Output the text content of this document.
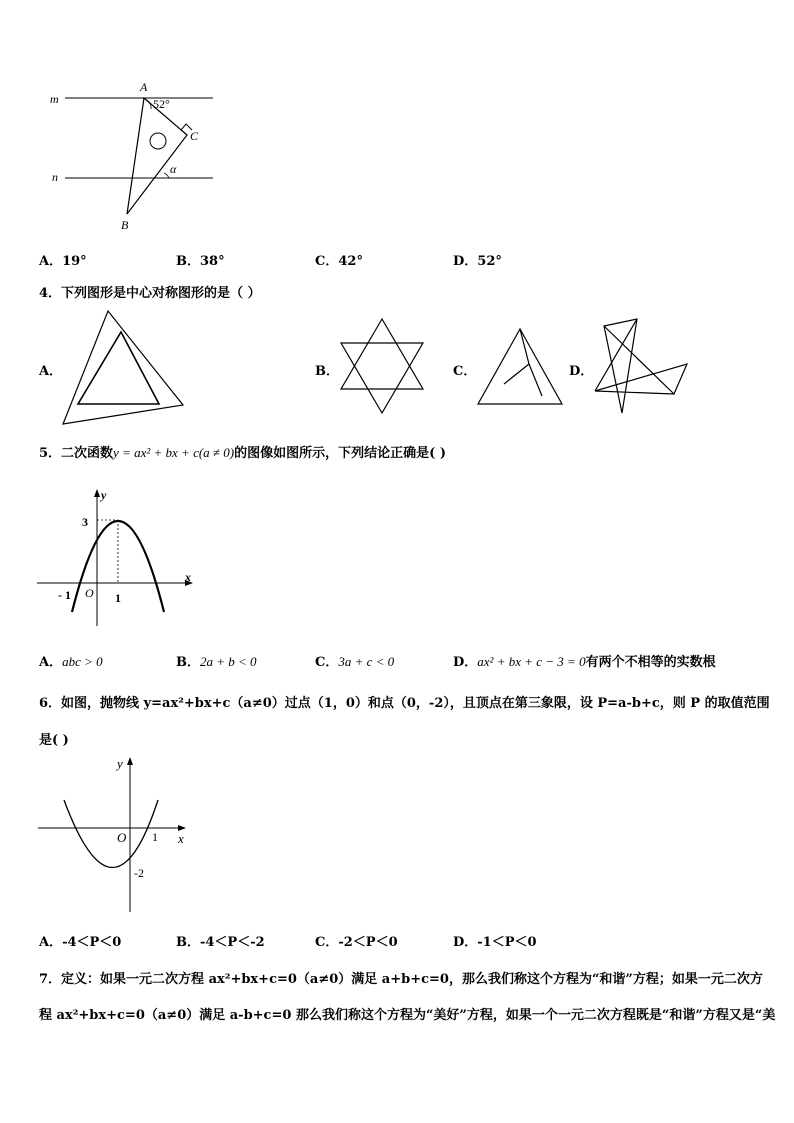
m
n
A
52°
C
α
B
A．19°	B．38°	C．42°	D．52°
4．下列图形是中心对称图形的是（ ）
A．	B．	C．	D．
5．二次函数y = ax² + bx + c(a ≠ 0)的图像如图所示，下列结论正确是( )
y
x
3
O
- 1	1
A．abc > 0	B．2a + b < 0	C．3a + c < 0	D．ax² + bx + c − 3 = 0有两个不相等的实数根
6．如图，抛物线 y=ax²+bx+c（a≠0）过点（1，0）和点（0，-2），且顶点在第三象限，设 P=a-b+c，则 P 的取值范围
是( )
y
x
O 1
-2
A．-4＜P＜0	B．-4＜P＜-2	C．-2＜P＜0	D．-1＜P＜0
7．定义：如果一元二次方程 ax²+bx+c=0（a≠0）满足 a+b+c=0，那么我们称这个方程为“和谐”方程；如果一元二次方
程 ax²+bx+c=0（a≠0）满足 a-b+c=0 那么我们称这个方程为“美好”方程，如果一个一元二次方程既是“和谐”方程又是“美
